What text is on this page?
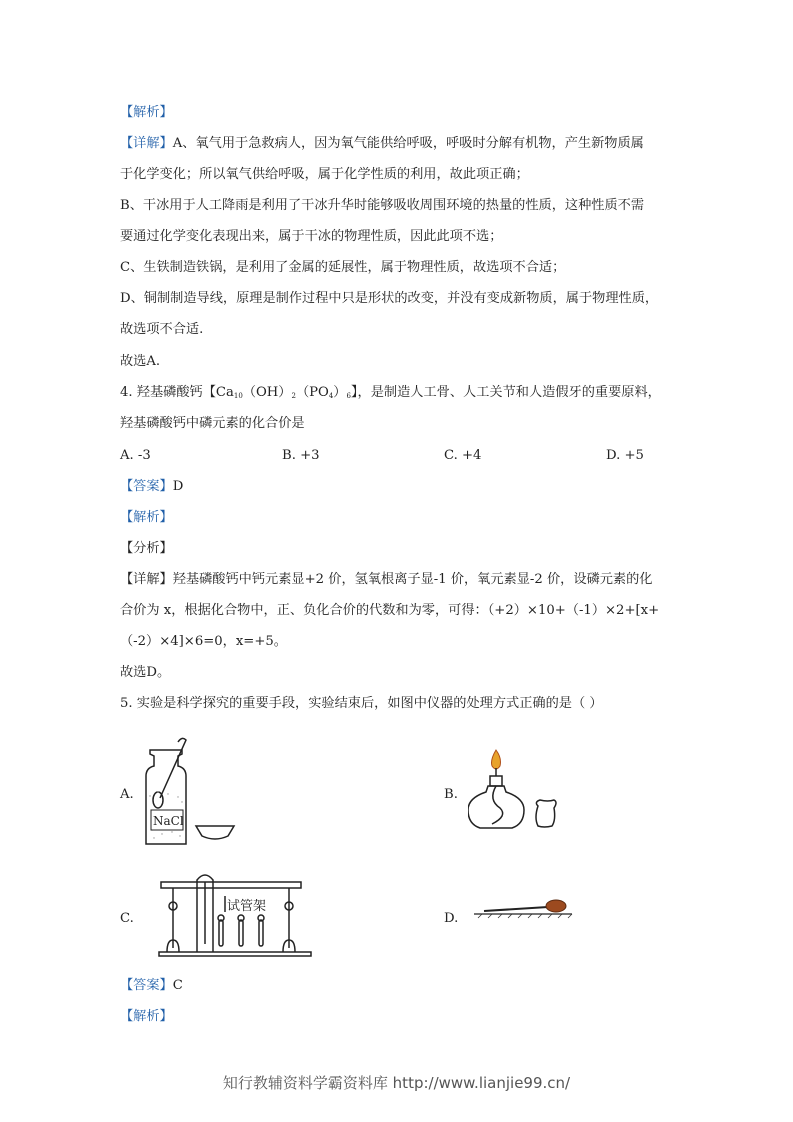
【解析】
【详解】A、氧气用于急救病人，因为氧气能供给呼吸，呼吸时分解有机物，产生新物质属
于化学变化；所以氧气供给呼吸，属于化学性质的利用，故此项正确；
B、干冰用于人工降雨是利用了干冰升华时能够吸收周围环境的热量的性质，这种性质不需
要通过化学变化表现出来，属于干冰的物理性质，因此此项不选；
C、生铁制造铁锅，是利用了金属的延展性，属于物理性质，故选项不合适；
D、铜制制造导线，原理是制作过程中只是形状的改变，并没有变成新物质，属于物理性质，
故选项不合适.
故选A.
4. 羟基磷酸钙【$Ca_{10}(OH)_2(PO_4)_6$】，是制造人工骨、人工关节和人造假牙的重要原料，
羟基磷酸钙中磷元素的化合价是
A. -3	B. +3	C. +4	D. +5
【答案】D
【解析】
【分析】
【详解】羟基磷酸钙中钙元素显+2 价，氢氧根离子显-1 价，氧元素显-2 价，设磷元素的化
合价为 x，根据化合物中，正、负化合价的代数和为零，可得：（+2）×10+（-1）×2+[x+
（-2）×4]×6=0，x=+5。
故选D。
5. 实验是科学探究的重要手段，实验结束后，如图中仪器的处理方式正确的是（ ）
A.	B.
C.	D.
NaCl
试管架
【答案】C
【解析】
知行教辅资料学霸资料库 http://www.lianjie99.cn/
